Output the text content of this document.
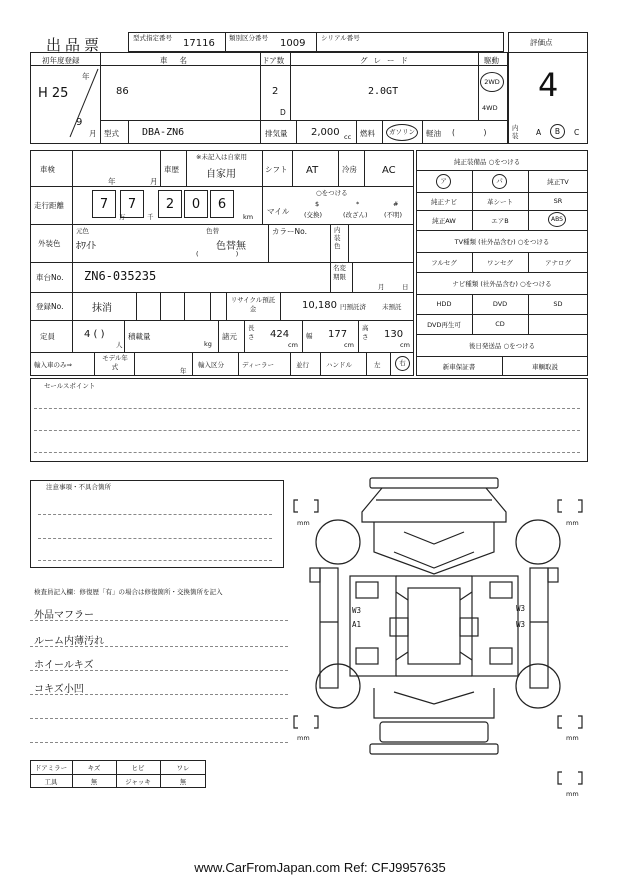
出品票	型式指定番号 17116 類別区分番号 1009 シリアル番号	評価点
4
初年度登録
H 25
年
9
月
車名
86
ドア数
2
D
グレード
2.0GT
駆動
2WD
4WD
型式 DBA-ZN6	排気量 2,000 cc 燃料	ガソリン	軽油 (            )	内装	A	B	C
車検
年	月
車歴
※未記入は自家用
自家用	シフト AT	冷房	AC
走行距離	7	7	2	0	6
万	千	km
○をつける
マイル
$
(交換)
*
(改ざん)
#
(不明)
外装色
元色
ﾎﾜｲﾄ
色替
色替無
(                  )
カラーNo.	内装色
車台No. ZN6-035235
名変期限
月	日
登録No.	抹消
リサイクル預託金	10,180 円預託済 未預託
定員	4 ( )
人
積載量
kg
諸元
長さ	424
cm
幅 177
cm
高さ	130
cm
輸入車のみ⇒
モデル年式	年
輸入区分	ディーラー	並行	ハンドル	左	右
純正装備品 ○をつける
ア	パ	純正TV
純正ナビ	革シート	SR
純正AW	エアB	ABS
TV種類 (社外品含む) ○をつける
フルセグ	ワンセグ	アナログ
ナビ種類 (社外品含む) ○をつける
HDD	DVD	SD
DVD再生可	CD
後日発送品 ○をつける
新車保証書	車輌取説
セールスポイント
注意事項・不具合箇所
検査員記入欄：修復歴「有」の場合は修復箇所・交換箇所を記入
外品マフラー
ルーム内薄汚れ
ホイールキズ
コキズ小凹
mm	mm
mm	mm
mm
W3
A1
W3
W3
ドアミラー	キズ	ヒビ	ワレ
工具	無	ジャッキ	無
www.CarFromJapan.com Ref: CFJ9957635
